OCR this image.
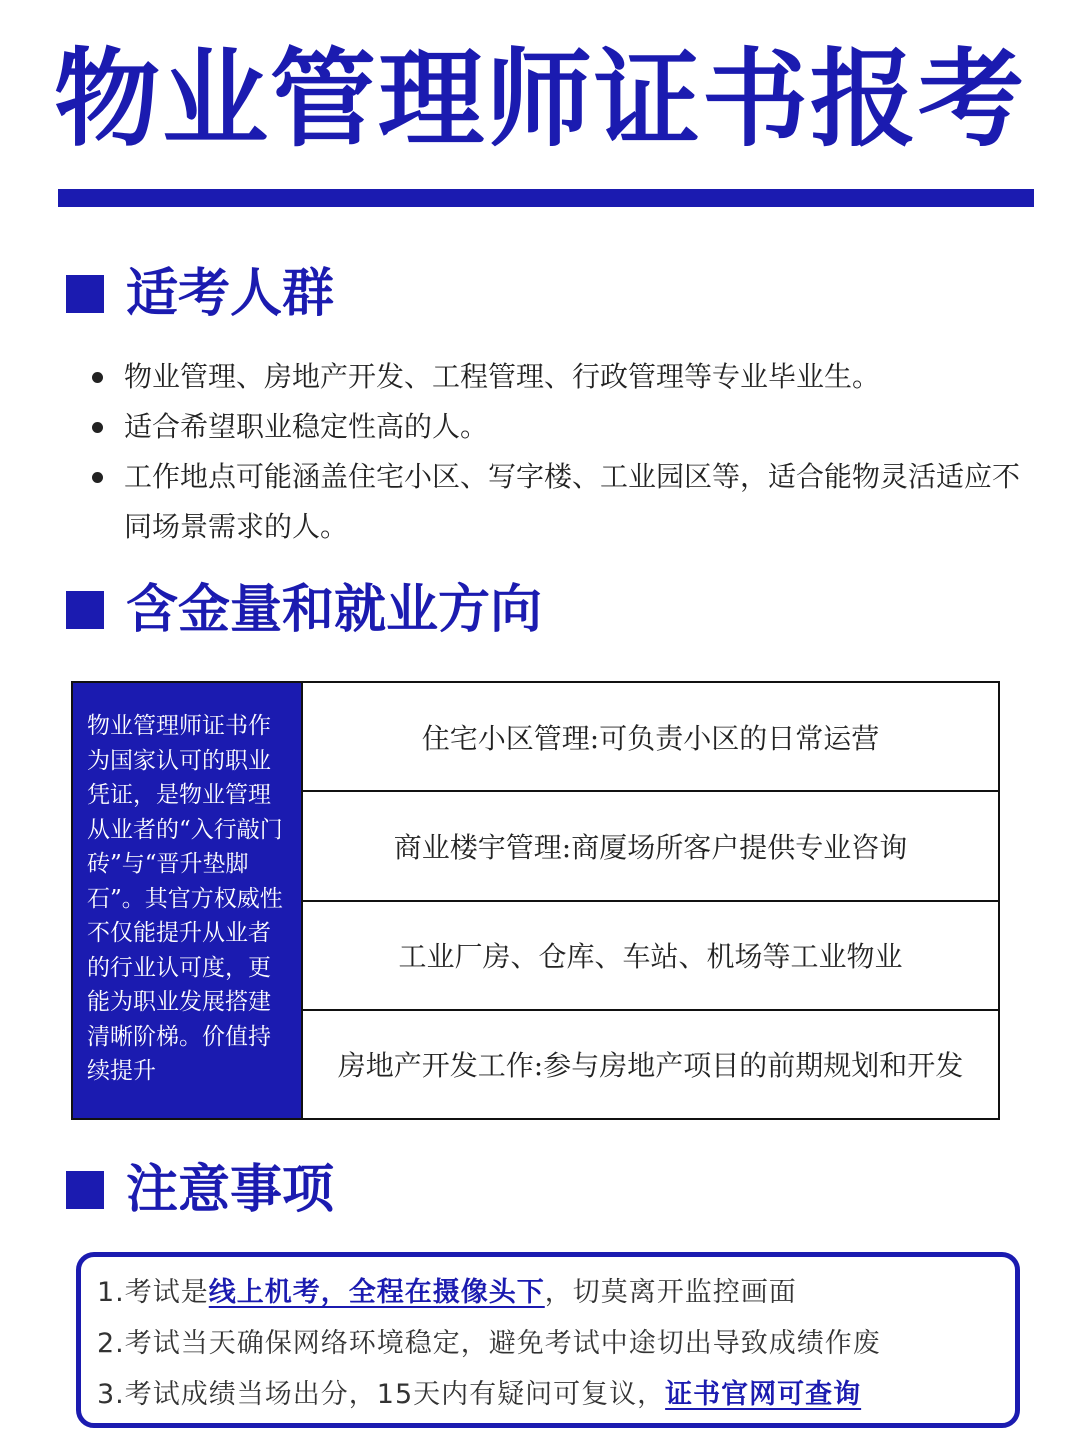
物业管理师证书报考
适考人群
物业管理、房地产开发、工程管理、行政管理等专业毕业生。
适合希望职业稳定性高的人。
工作地点可能涵盖住宅小区、写字楼、工业园区等，适合能物灵活适应不同场景需求的人。
含金量和就业方向
物业管理师证书作为国家认可的职业凭证，是物业管理从业者的“入行敲门砖”与“晋升垫脚石”。其官方权威性不仅能提升从业者的行业认可度，更能为职业发展搭建清晰阶梯。价值持续提升
住宅小区管理:可负责小区的日常运营
商业楼宇管理:商厦场所客户提供专业咨询
工业厂房、仓库、车站、机场等工业物业
房地产开发工作:参与房地产项目的前期规划和开发
注意事项
1.考试是线上机考，全程在摄像头下，切莫离开监控画面
2.考试当天确保网络环境稳定，避免考试中途切出导致成绩作废
3.考试成绩当场出分，15天内有疑问可复议，证书官网可查询
